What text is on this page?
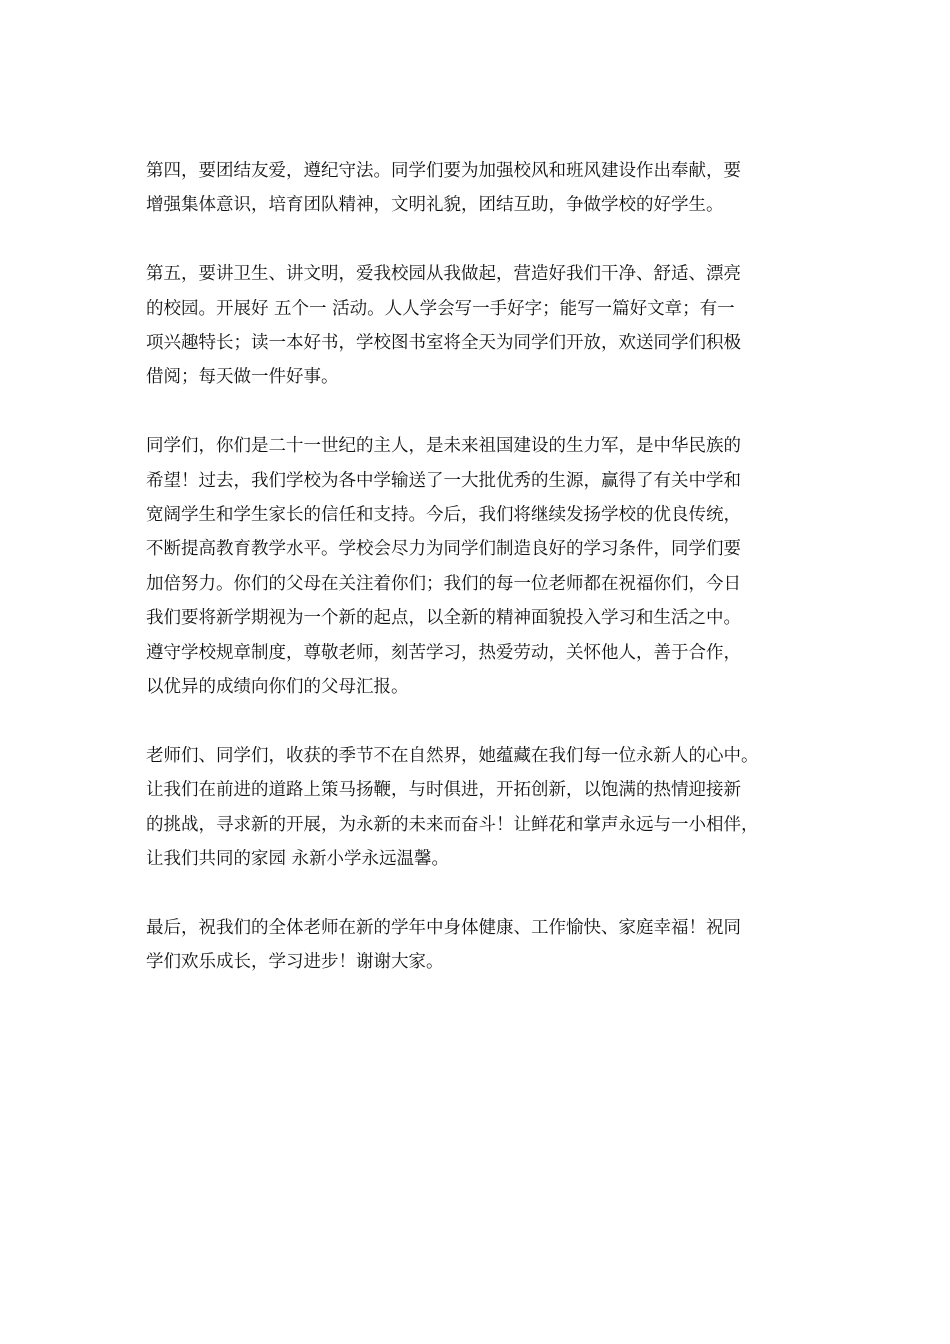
第四，要团结友爱，遵纪守法。同学们要为加强校风和班风建设作出奉献，要
增强集体意识，培育团队精神，文明礼貌，团结互助，争做学校的好学生。

第五，要讲卫生、讲文明，爱我校园从我做起，营造好我们干净、舒适、漂亮
的校园。开展好 五个一 活动。人人学会写一手好字；能写一篇好文章；有一
项兴趣特长；读一本好书，学校图书室将全天为同学们开放，欢送同学们积极
借阅；每天做一件好事。

同学们，你们是二十一世纪的主人，是未来祖国建设的生力军，是中华民族的
希望！过去，我们学校为各中学输送了一大批优秀的生源，赢得了有关中学和
宽阔学生和学生家长的信任和支持。今后，我们将继续发扬学校的优良传统，
不断提高教育教学水平。学校会尽力为同学们制造良好的学习条件，同学们要
加倍努力。你们的父母在关注着你们；我们的每一位老师都在祝福你们，今日
我们要将新学期视为一个新的起点，以全新的精神面貌投入学习和生活之中。
遵守学校规章制度，尊敬老师，刻苦学习，热爱劳动，关怀他人，善于合作，
以优异的成绩向你们的父母汇报。

老师们、同学们，收获的季节不在自然界，她蕴藏在我们每一位永新人的心中。
让我们在前进的道路上策马扬鞭，与时俱进，开拓创新，以饱满的热情迎接新
的挑战，寻求新的开展，为永新的未来而奋斗！让鲜花和掌声永远与一小相伴，
让我们共同的家园 永新小学永远温馨。

最后，祝我们的全体老师在新的学年中身体健康、工作愉快、家庭幸福！祝同
学们欢乐成长，学习进步！谢谢大家。
